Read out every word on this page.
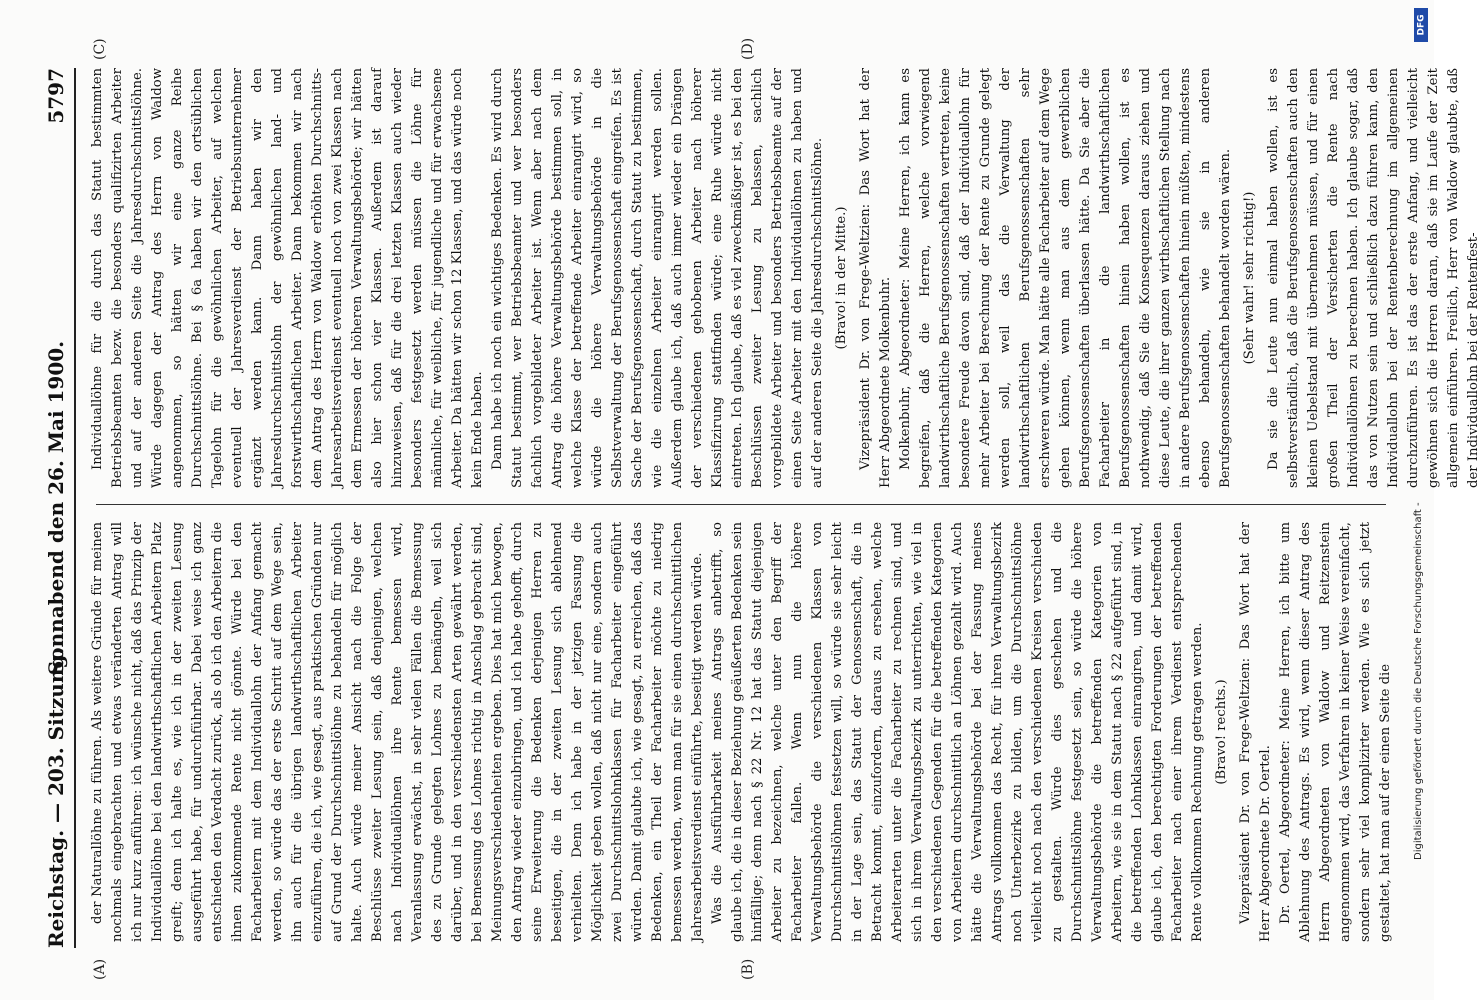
Reichstag. — 203. Sitzung.
Sonnabend den 26. Mai 1900.
5797
(A)	(B)
(C)	(D)

der Naturallöhne zu führen. Als weitere Gründe für meinen nochmals eingebrachten und etwas veränderten Antrag will ich nur kurz anführen: ich wünsche nicht, daß das Prinzip der Individuallöhne bei den landwirthschaftlichen Arbeitern Platz greift; denn ich halte es, wie ich in der zweiten Lesung ausgeführt habe, für undurchführbar. Dabei weise ich ganz entschieden den Verdacht zurück, als ob ich den Arbeitern die ihnen zukommende Rente nicht gönnte. Würde bei den Facharbeitern mit dem Individuallohn der Anfang gemacht werden, so würde das der erste Schritt auf dem Wege sein, ihn auch für die übrigen landwirthschaftlichen Arbeiter einzuführen, die ich, wie gesagt, aus praktischen Gründen nur auf Grund der Durchschnittslöhne zu behandeln für möglich halte. Auch würde meiner Ansicht nach die Folge der Beschlüsse zweiter Lesung sein, daß denjenigen, welchen nach Individuallöhnen ihre Rente bemessen wird, Veranlassung erwächst, in sehr vielen Fällen die Bemessung des zu Grunde gelegten Lohnes zu bemängeln, weil sich darüber, und in den verschiedensten Arten gewährt werden, bei Bemessung des Lohnes richtig in Anschlag gebracht sind, Meinungsverschiedenheiten ergeben. Dies hat mich bewogen, den Antrag wieder einzubringen, und ich habe gehofft, durch seine Erweiterung die Bedenken derjenigen Herren zu beseitigen, die in der zweiten Lesung sich ablehnend verhielten. Denn ich habe in der jetzigen Fassung die Möglichkeit geben wollen, daß nicht nur eine, sondern auch zwei Durchschnittslohnklassen für Facharbeiter eingeführt würden. Damit glaubte ich, wie gesagt, zu erreichen, daß das Bedenken, ein Theil der Facharbeiter möchte zu niedrig bemessen werden, wenn man für sie einen durchschnittlichen Jahresarbeitsverdienst einführte, beseitigt werden würde. Was die Ausführbarkeit meines Antrags anbetrifft, so glaube ich, die in dieser Beziehung geäußerten Bedenken sein hinfällige; denn nach § 22 Nr. 12 hat das Statut diejenigen Arbeiter zu bezeichnen, welche unter den Begriff der Facharbeiter fallen. Wenn nun die höhere Verwaltungsbehörde die verschiedenen Klassen von Durchschnittslöhnen festsetzen will, so würde sie sehr leicht in der Lage sein, das Statut der Genossenschaft, die in Betracht kommt, einzufordern, daraus zu ersehen, welche Arbeiterarten unter die Facharbeiter zu rechnen sind, und sich in ihrem Verwaltungsbezirk zu unterrichten, wie viel in den verschiedenen Gegenden für die betreffenden Kategorien von Arbeitern durchschnittlich an Löhnen gezahlt wird. Auch hätte die Verwaltungsbehörde bei der Fassung meines Antrags vollkommen das Recht, für ihren Verwaltungsbezirk noch Unterbezirke zu bilden, um die Durchschnittslöhne vielleicht noch nach den verschiedenen Kreisen verschieden zu gestalten. Würde dies geschehen und die Durchschnittslöhne festgesetzt sein, so würde die höhere Verwaltungsbehörde die betreffenden Kategorien von Arbeitern, wie sie in dem Statut nach § 22 aufgeführt sind, in die betreffenden Lohnklassen einrangiren, und damit wird, glaube ich, den berechtigten Forderungen der betreffenden Facharbeiter nach einer ihrem Verdienst entsprechenden Rente vollkommen Rechnung getragen werden. (Bravo! rechts.) Vizepräsident Dr. von Frege-Weltzien: Das Wort hat der Herr Abgeordnete Dr. Oertel. Dr. Oertel, Abgeordneter: Meine Herren, ich bitte um Ablehnung des Antrags. Es wird, wenn dieser Antrag des Herrn Abgeordneten von Waldow und Reitzenstein angenommen wird, das Verfahren in keiner Weise vereinfacht, sondern sehr viel komplizirter werden. Wie es sich jetzt gestaltet, hat man auf der einen Seite die

Individuallöhne für die durch das Statut bestimmten Betriebsbeamten bezw. die besonders qualifizirten Arbeiter und auf der anderen Seite die Jahresdurchschnittslöhne. Würde dagegen der Antrag des Herrn von Waldow angenommen, so hätten wir eine ganze Reihe Durchschnittslöhne. Bei § 6a haben wir den ortsüblichen Tagelohn für die gewöhnlichen Arbeiter, auf welchen eventuell der Jahresverdienst der Betriebsunternehmer ergänzt werden kann. Dann haben wir den Jahresdurchschnittslohn der gewöhnlichen land- und forstwirthschaftlichen Arbeiter. Dann bekommen wir nach dem Antrag des Herrn von Waldow erhöhten Durchschnitts-Jahresarbeitsverdienst eventuell noch von zwei Klassen nach dem Ermessen der höheren Verwaltungsbehörde; wir hätten also hier schon vier Klassen. Außerdem ist darauf hinzuweisen, daß für die drei letzten Klassen auch wieder besonders festgesetzt werden müssen die Löhne für männliche, für weibliche, für jugendliche und für erwachsene Arbeiter. Da hätten wir schon 12 Klassen, und das würde noch kein Ende haben. Dann habe ich noch ein wichtiges Bedenken. Es wird durch Statut bestimmt, wer Betriebsbeamter und wer besonders fachlich vorgebildeter Arbeiter ist. Wenn aber nach dem Antrag die höhere Verwaltungsbehörde bestimmen soll, in welche Klasse der betreffende Arbeiter einrangirt wird, so würde die höhere Verwaltungsbehörde in die Selbstverwaltung der Berufsgenossenschaft eingreifen. Es ist Sache der Berufsgenossenschaft, durch Statut zu bestimmen, wie die einzelnen Arbeiter einrangirt werden sollen. Außerdem glaube ich, daß auch immer wieder ein Drängen der verschiedenen gehobenen Arbeiter nach höherer Klassifizirung stattfinden würde; eine Ruhe würde nicht eintreten. Ich glaube, daß es viel zweckmäßiger ist, es bei den Beschlüssen zweiter Lesung zu belassen, sachlich vorgebildete Arbeiter und besonders Betriebsbeamte auf der einen Seite Arbeiter mit den Individuallöhnen zu haben und auf der anderen Seite die Jahresdurchschnittslöhne. (Bravo! in der Mitte.) Vizepräsident Dr. von Frege-Weltzien: Das Wort hat der Herr Abgeordnete Molkenbuhr. Molkenbuhr, Abgeordneter: Meine Herren, ich kann es begreifen, daß die Herren, welche vorwiegend landwirthschaftliche Berufsgenossenschaften vertreten, keine besondere Freude davon sind, daß der Individuallohn für mehr Arbeiter bei Berechnung der Rente zu Grunde gelegt werden soll, weil das die Verwaltung der landwirthschaftlichen Berufsgenossenschaften sehr erschweren würde. Man hätte alle Facharbeiter auf dem Wege gehen können, wenn man aus dem gewerblichen Berufsgenossenschaften überlassen hätte. Da Sie aber die Facharbeiter in die landwirthschaftlichen Berufsgenossenschaften hinein haben wollen, ist es nothwendig, daß Sie die Konsequenzen daraus ziehen und diese Leute, die ihrer ganzen wirthschaftlichen Stellung nach in andere Berufsgenossenschaften hinein müßten, mindestens ebenso behandeln, wie sie in anderen Berufsgenossenschaften behandelt worden wären. (Sehr wahr! sehr richtig!) Da sie die Leute nun einmal haben wollen, ist es selbstverständlich, daß die Berufsgenossenschaften auch den kleinen Uebelstand mit übernehmen müssen, und für einen großen Theil der Versicherten die Rente nach Individuallöhnen zu berechnen haben. Ich glaube sogar, daß das von Nutzen sein und schließlich dazu führen kann, den Individuallohn bei der Rentenberechnung im allgemeinen durchzuführen. Es ist das der erste Anfang, und vielleicht gewöhnen sich die Herren daran, daß sie im Laufe der Zeit allgemein einführen. Freilich, Herr von Waldow glaubte, daß der Individuallohn bei der Rentenfest-

Digitalisierung gefördert durch die Deutsche Forschungsgemeinschaft -
DFG
